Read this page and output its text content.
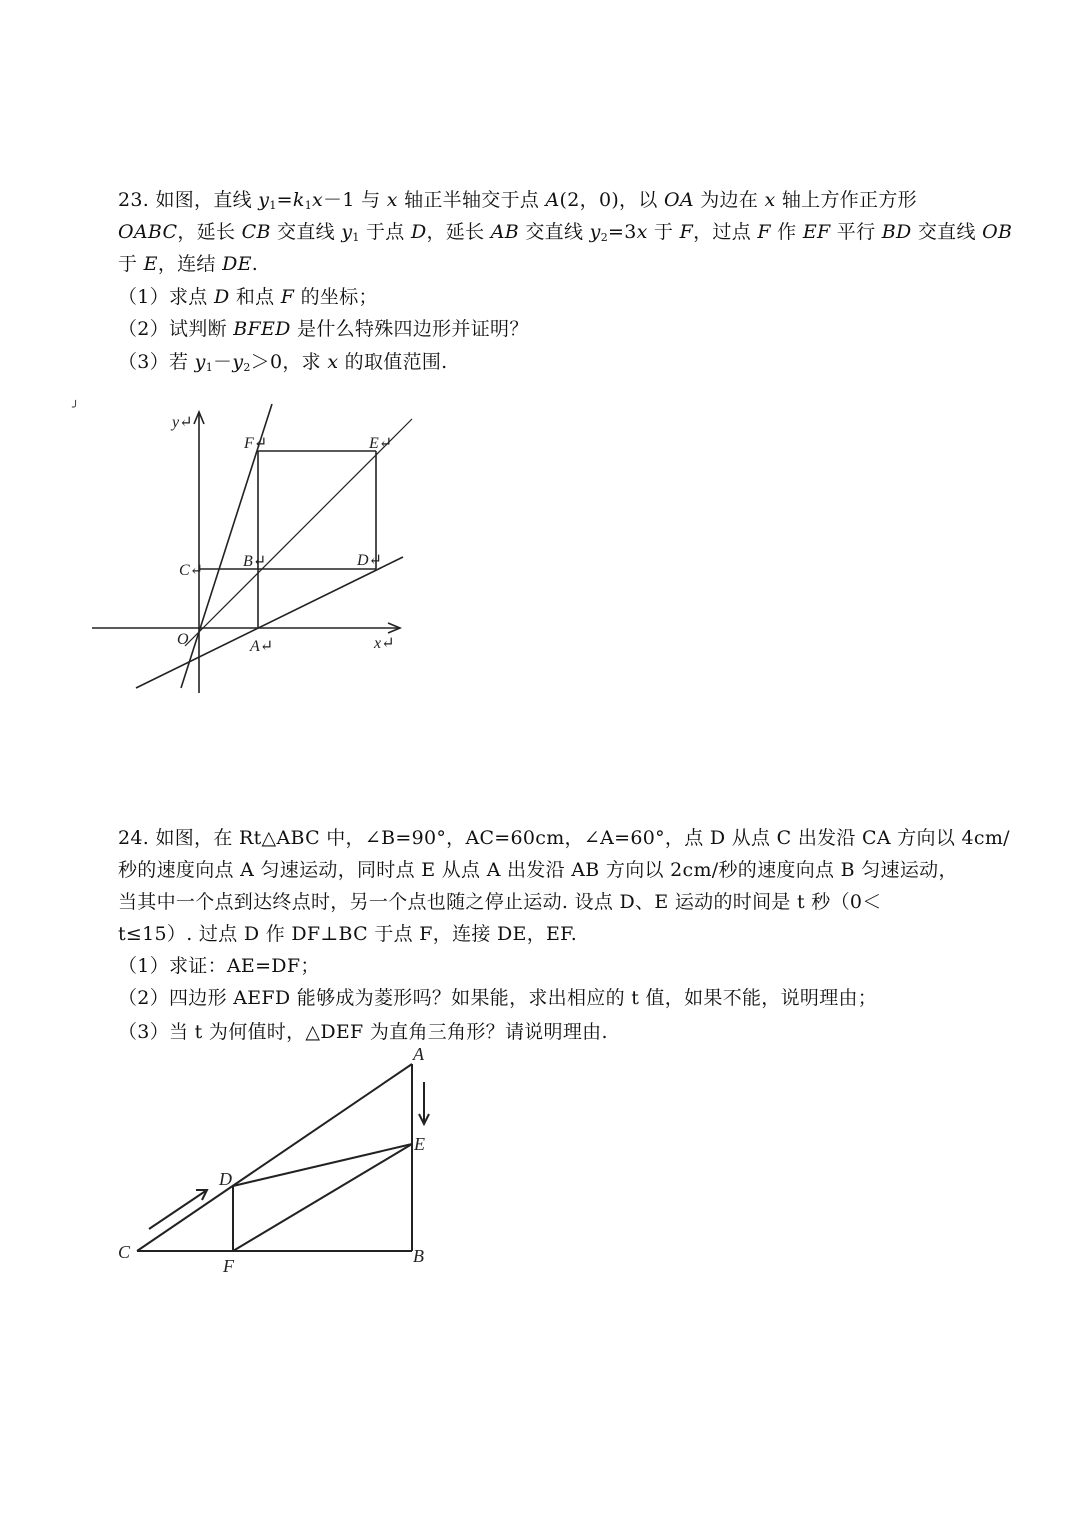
23. 如图，直线 $y_1=k_1x-1$ 与 x 轴正半轴交于点 A(2，0)，以 OA 为边在 x 轴上方作正方形
OABC，延长 CB 交直线 $y_1$ 于点 D，延长 AB 交直线 $y_2=3x$ 于 F，过点 F 作 EF 平行 BD 交直线 OB
于 E，连结 DE.
（1）求点 D 和点 F 的坐标；
（2）试判断 BFED 是什么特殊四边形并证明？
（3）若 $y_1-y_2>0$，求 x 的取值范围.
╯
y↵
x↵
F↵	E↵
C↵
B↵	D↵
O	A↵
24. 如图，在 Rt△ABC 中，∠B=90°，AC=60cm，∠A=60°，点 D 从点 C 出发沿 CA 方向以 4cm/
秒的速度向点 A 匀速运动，同时点 E 从点 A 出发沿 AB 方向以 2cm/秒的速度向点 B 匀速运动，
当其中一个点到达终点时，另一个点也随之停止运动. 设点 D、E 运动的时间是 t 秒（0＜
t≤15）. 过点 D 作 DF⊥BC 于点 F，连接 DE，EF.
（1）求证：AE=DF；
（2）四边形 AEFD 能够成为菱形吗？如果能，求出相应的 t 值，如果不能，说明理由；
（3）当 t 为何值时，△DEF 为直角三角形？请说明理由.
A
E
D
C
F	B
